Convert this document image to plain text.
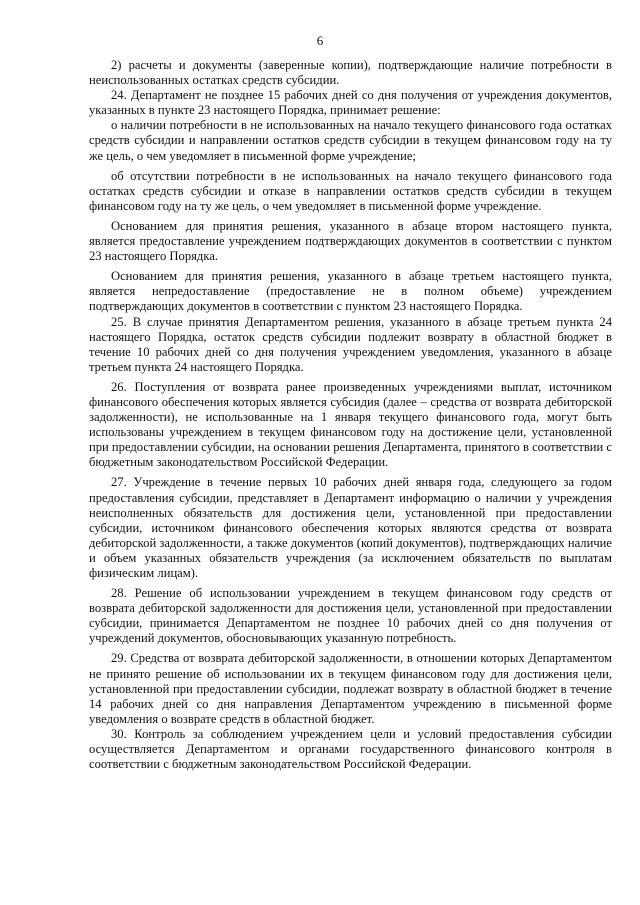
6

2) расчеты и документы (заверенные копии), подтверждающие наличие потребности в неиспользованных остатках средств субсидии.

24. Департамент не позднее 15 рабочих дней со дня получения от учреждения документов, указанных в пункте 23 настоящего Порядка, принимает решение:

о наличии потребности в не использованных на начало текущего финансового года остатках средств субсидии и направлении остатков средств субсидии в текущем финансовом году на ту же цель, о чем уведомляет в письменной форме учреждение;

об отсутствии потребности в не использованных на начало текущего финансового года остатках средств субсидии и отказе в направлении остатков средств субсидии в текущем финансовом году на ту же цель, о чем уведомляет в письменной форме учреждение.

Основанием для принятия решения, указанного в абзаце втором настоящего пункта, является предоставление учреждением подтверждающих документов в соответствии с пунктом 23 настоящего Порядка.

Основанием для принятия решения, указанного в абзаце третьем настоящего пункта, является непредоставление (предоставление не в полном объеме) учреждением подтверждающих документов в соответствии с пунктом 23 настоящего Порядка.

25. В случае принятия Департаментом решения, указанного в абзаце третьем пункта 24 настоящего Порядка, остаток средств субсидии подлежит возврату в областной бюджет в течение 10 рабочих дней со дня получения учреждением уведомления, указанного в абзаце третьем пункта 24 настоящего Порядка.

26. Поступления от возврата ранее произведенных учреждениями выплат, источником финансового обеспечения которых является субсидия (далее – средства от возврата дебиторской задолженности), не использованные на 1 января текущего финансового года, могут быть использованы учреждением в текущем финансовом году на достижение цели, установленной при предоставлении субсидии, на основании решения Департамента, принятого в соответствии с бюджетным законодательством Российской Федерации.

27. Учреждение в течение первых 10 рабочих дней января года, следующего за годом предоставления субсидии, представляет в Департамент информацию о наличии у учреждения неисполненных обязательств для достижения цели, установленной при предоставлении субсидии, источником финансового обеспечения которых являются средства от возврата дебиторской задолженности, а также документов (копий документов), подтверждающих наличие и объем указанных обязательств учреждения (за исключением обязательств по выплатам физическим лицам).

28. Решение об использовании учреждением в текущем финансовом году средств от возврата дебиторской задолженности для достижения цели, установленной при предоставлении субсидии, принимается Департаментом не позднее 10 рабочих дней со дня получения от учреждений документов, обосновывающих указанную потребность.

29. Средства от возврата дебиторской задолженности, в отношении которых Департаментом не принято решение об использовании их в текущем финансовом году для достижения цели, установленной при предоставлении субсидии, подлежат возврату в областной бюджет в течение 14 рабочих дней со дня направления Департаментом учреждению в письменной форме уведомления о возврате средств в областной бюджет.

30. Контроль за соблюдением учреждением цели и условий предоставления субсидии осуществляется Департаментом и органами государственного финансового контроля в соответствии с бюджетным законодательством Российской Федерации.
